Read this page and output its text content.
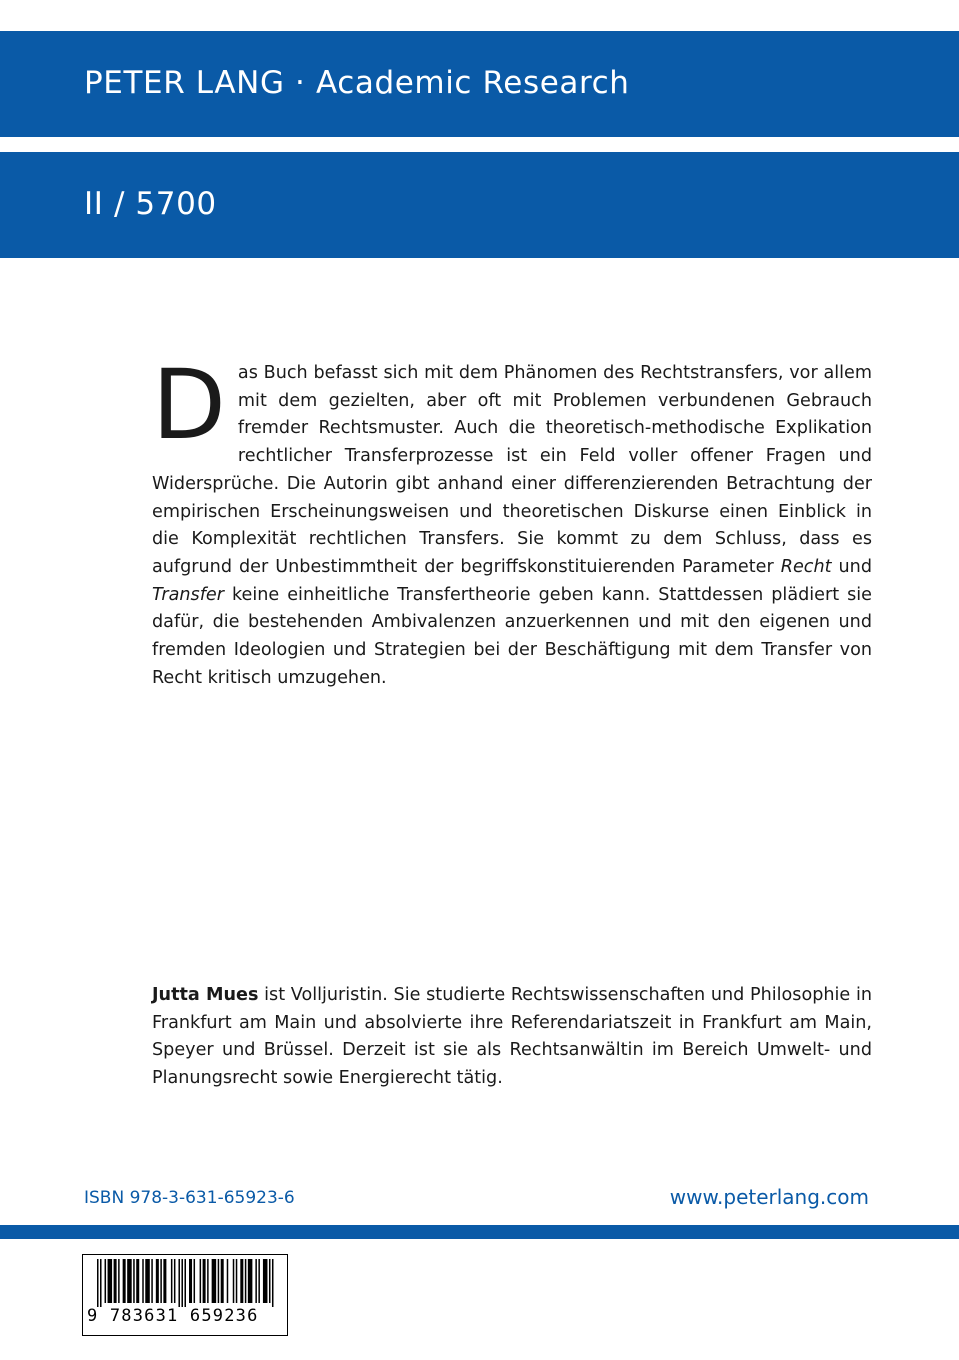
PETER LANG · Academic Research
II / 5700

Das Buch befasst sich mit dem Phänomen des Rechtstransfers, vor allem mit dem gezielten, aber oft mit Problemen verbundenen Gebrauch fremder Rechtsmuster. Auch die theoretisch-methodische Explikation rechtlicher Transferprozesse ist ein Feld voller offener Fragen und Widersprüche. Die Autorin gibt anhand einer differenzierenden Betrachtung der empirischen Erscheinungsweisen und theoretischen Diskurse einen Einblick in die Komplexität rechtlichen Transfers. Sie kommt zu dem Schluss, dass es aufgrund der Unbestimmtheit der begriffskonstituierenden Parameter Recht und Transfer keine einheitliche Transfertheorie geben kann. Stattdessen plädiert sie dafür, die bestehenden Ambivalenzen anzuerkennen und mit den eigenen und fremden Ideologien und Strategien bei der Beschäftigung mit dem Transfer von Recht kritisch umzugehen.

Jutta Mues ist Volljuristin. Sie studierte Rechtswissenschaften und Philosophie in Frankfurt am Main und absolvierte ihre Referendariatszeit in Frankfurt am Main, Speyer und Brüssel. Derzeit ist sie als Rechtsanwältin im Bereich Umwelt- und Planungsrecht sowie Energierecht tätig.

ISBN 978-3-631-65923-6	www.peterlang.com
9 783631 659236
